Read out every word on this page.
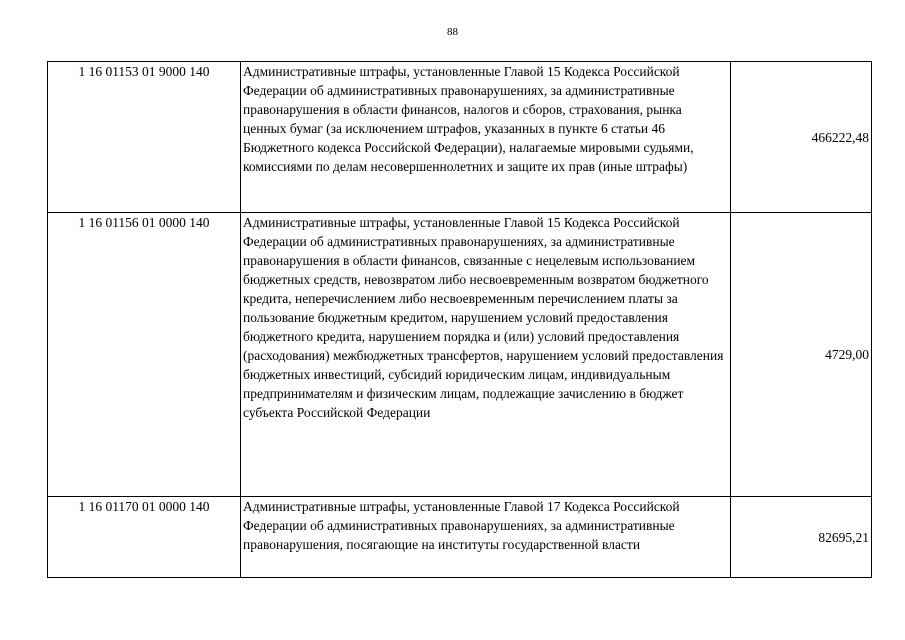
88
1 16 01153 01 9000 140	Административные штрафы, установленные Главой 15 Кодекса Российской Федерации об административных правонарушениях, за административные правонарушения в области финансов, налогов и сборов, страхования, рынка ценных бумаг (за исключением штрафов, указанных в пункте 6 статьи 46 Бюджетного кодекса Российской Федерации), налагаемые мировыми судьями, комиссиями по делам несовершеннолетних и защите их прав (иные штрафы)	466222,48
1 16 01156 01 0000 140	Административные штрафы, установленные Главой 15 Кодекса Российской Федерации об административных правонарушениях, за административные правонарушения в области финансов, связанные с нецелевым использованием бюджетных средств, невозвратом либо несвоевременным возвратом бюджетного кредита, неперечислением либо несвоевременным перечислением платы за пользование бюджетным кредитом, нарушением условий предоставления бюджетного кредита, нарушением порядка и (или) условий предоставления (расходования) межбюджетных трансфертов, нарушением условий предоставления бюджетных инвестиций, субсидий юридическим лицам, индивидуальным предпринимателям и физическим лицам, подлежащие зачислению в бюджет субъекта Российской Федерации	4729,00
1 16 01170 01 0000 140	Административные штрафы, установленные Главой 17 Кодекса Российской Федерации об административных правонарушениях, за административные правонарушения, посягающие на институты государственной власти	82695,21
